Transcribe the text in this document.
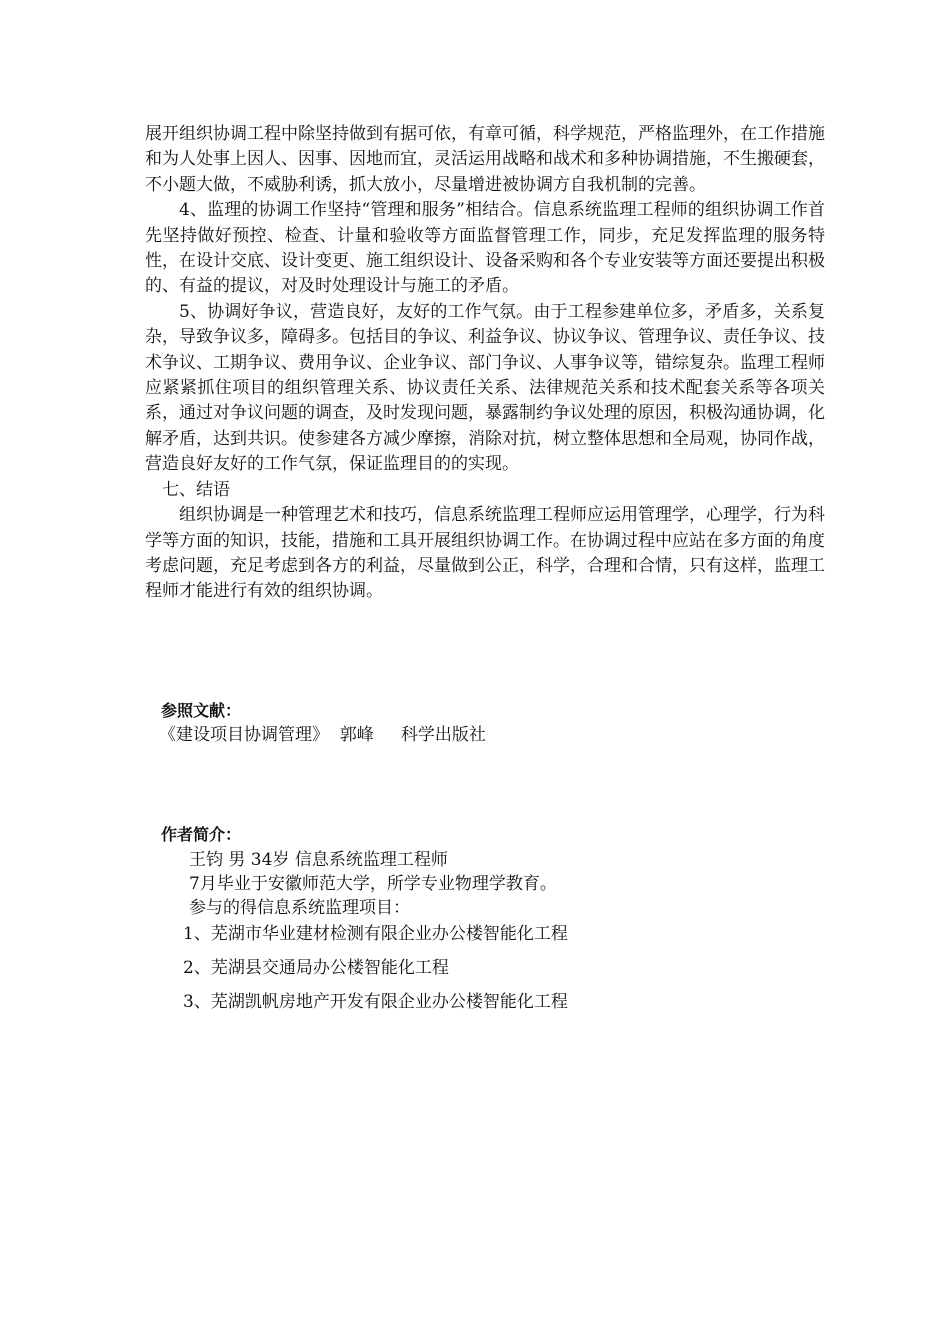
展开组织协调工程中除坚持做到有据可依，有章可循，科学规范，严格监理外，在工作措施和为人处事上因人、因事、因地而宜，灵活运用战略和战术和多种协调措施，不生搬硬套，不小题大做，不威胁利诱，抓大放小，尽量增进被协调方自我机制的完善。

4、监理的协调工作坚持“管理和服务”相结合。信息系统监理工程师的组织协调工作首先坚持做好预控、检查、计量和验收等方面监督管理工作，同步，充足发挥监理的服务特性，在设计交底、设计变更、施工组织设计、设备采购和各个专业安装等方面还要提出积极的、有益的提议，对及时处理设计与施工的矛盾。

5、协调好争议，营造良好，友好的工作气氛。由于工程参建单位多，矛盾多，关系复杂，导致争议多，障碍多。包括目的争议、利益争议、协议争议、管理争议、责任争议、技术争议、工期争议、费用争议、企业争议、部门争议、人事争议等，错综复杂。监理工程师应紧紧抓住项目的组织管理关系、协议责任关系、法律规范关系和技术配套关系等各项关系，通过对争议问题的调查，及时发现问题，暴露制约争议处理的原因，积极沟通协调，化解矛盾，达到共识。使参建各方减少摩擦，消除对抗，树立整体思想和全局观，协同作战，营造良好友好的工作气氛，保证监理目的的实现。

七、结语

组织协调是一种管理艺术和技巧，信息系统监理工程师应运用管理学，心理学，行为科学等方面的知识，技能，措施和工具开展组织协调工作。在协调过程中应站在多方面的角度考虑问题，充足考虑到各方的利益，尽量做到公正，科学，合理和合情，只有这样，监理工程师才能进行有效的组织协调。

参照文献：
《建设项目协调管理》  郭峰     科学出版社
作者简介：
王钧 男 34岁 信息系统监理工程师
7月毕业于安徽师范大学，所学专业物理学教育。
参与的得信息系统监理项目：
1、芜湖市华业建材检测有限企业办公楼智能化工程
2、芜湖县交通局办公楼智能化工程
3、芜湖凯帆房地产开发有限企业办公楼智能化工程
